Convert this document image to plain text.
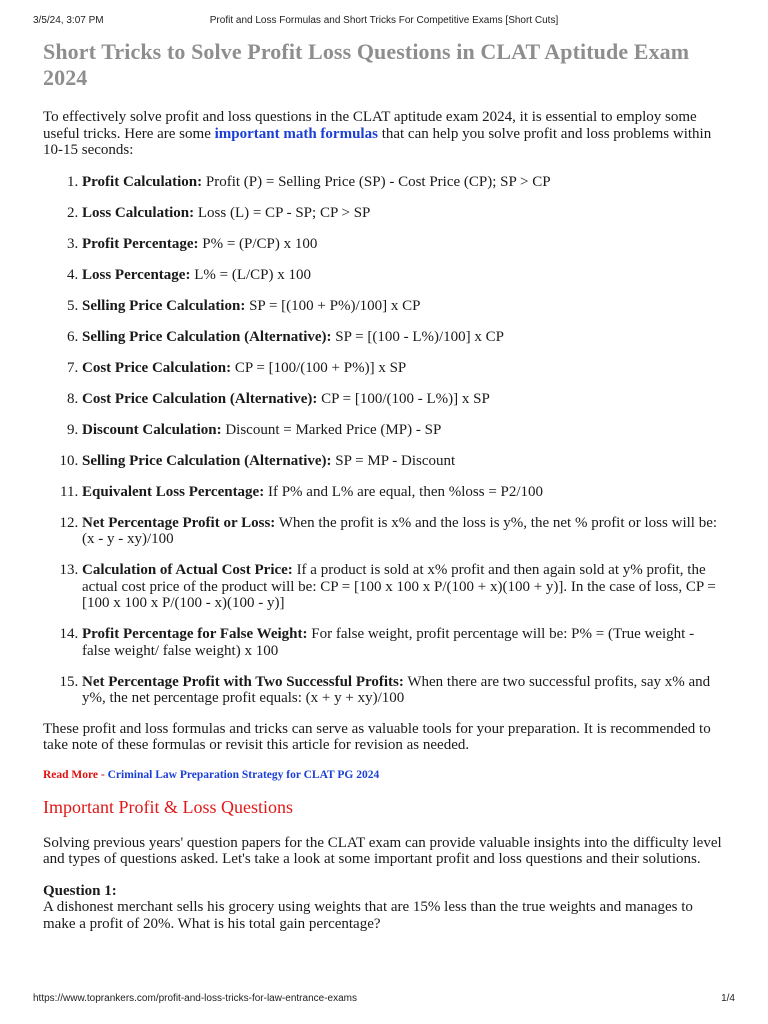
3/5/24, 3:07 PM	Profit and Loss Formulas and Short Tricks For Competitive Exams [Short Cuts]
Short Tricks to Solve Profit Loss Questions in CLAT Aptitude Exam 2024

To effectively solve profit and loss questions in the CLAT aptitude exam 2024, it is essential to employ some useful tricks. Here are some important math formulas that can help you solve profit and loss problems within 10-15 seconds:

1. Profit Calculation: Profit (P) = Selling Price (SP) - Cost Price (CP); SP > CP
2. Loss Calculation: Loss (L) = CP - SP; CP > SP
3. Profit Percentage: P% = (P/CP) x 100
4. Loss Percentage: L% = (L/CP) x 100
5. Selling Price Calculation: SP = [(100 + P%)/100] x CP
6. Selling Price Calculation (Alternative): SP = [(100 - L%)/100] x CP
7. Cost Price Calculation: CP = [100/(100 + P%)] x SP
8. Cost Price Calculation (Alternative): CP = [100/(100 - L%)] x SP
9. Discount Calculation: Discount = Marked Price (MP) - SP
10. Selling Price Calculation (Alternative): SP = MP - Discount
11. Equivalent Loss Percentage: If P% and L% are equal, then %loss = P2/100
12. Net Percentage Profit or Loss: When the profit is x% and the loss is y%, the net % profit or loss will be: (x - y - xy)/100
13. Calculation of Actual Cost Price: If a product is sold at x% profit and then again sold at y% profit, the actual cost price of the product will be: CP = [100 x 100 x P/(100 + x)(100 + y)]. In the case of loss, CP = [100 x 100 x P/(100 - x)(100 - y)]
14. Profit Percentage for False Weight: For false weight, profit percentage will be: P% = (True weight - false weight/ false weight) x 100
15. Net Percentage Profit with Two Successful Profits: When there are two successful profits, say x% and y%, the net percentage profit equals: (x + y + xy)/100

These profit and loss formulas and tricks can serve as valuable tools for your preparation. It is recommended to take note of these formulas or revisit this article for revision as needed.

Read More - Criminal Law Preparation Strategy for CLAT PG 2024
Important Profit & Loss Questions

Solving previous years' question papers for the CLAT exam can provide valuable insights into the difficulty level and types of questions asked. Let's take a look at some important profit and loss questions and their solutions.

Question 1:

A dishonest merchant sells his grocery using weights that are 15% less than the true weights and manages to make a profit of 20%. What is his total gain percentage?

https://www.toprankers.com/profit-and-loss-tricks-for-law-entrance-exams	1/4
